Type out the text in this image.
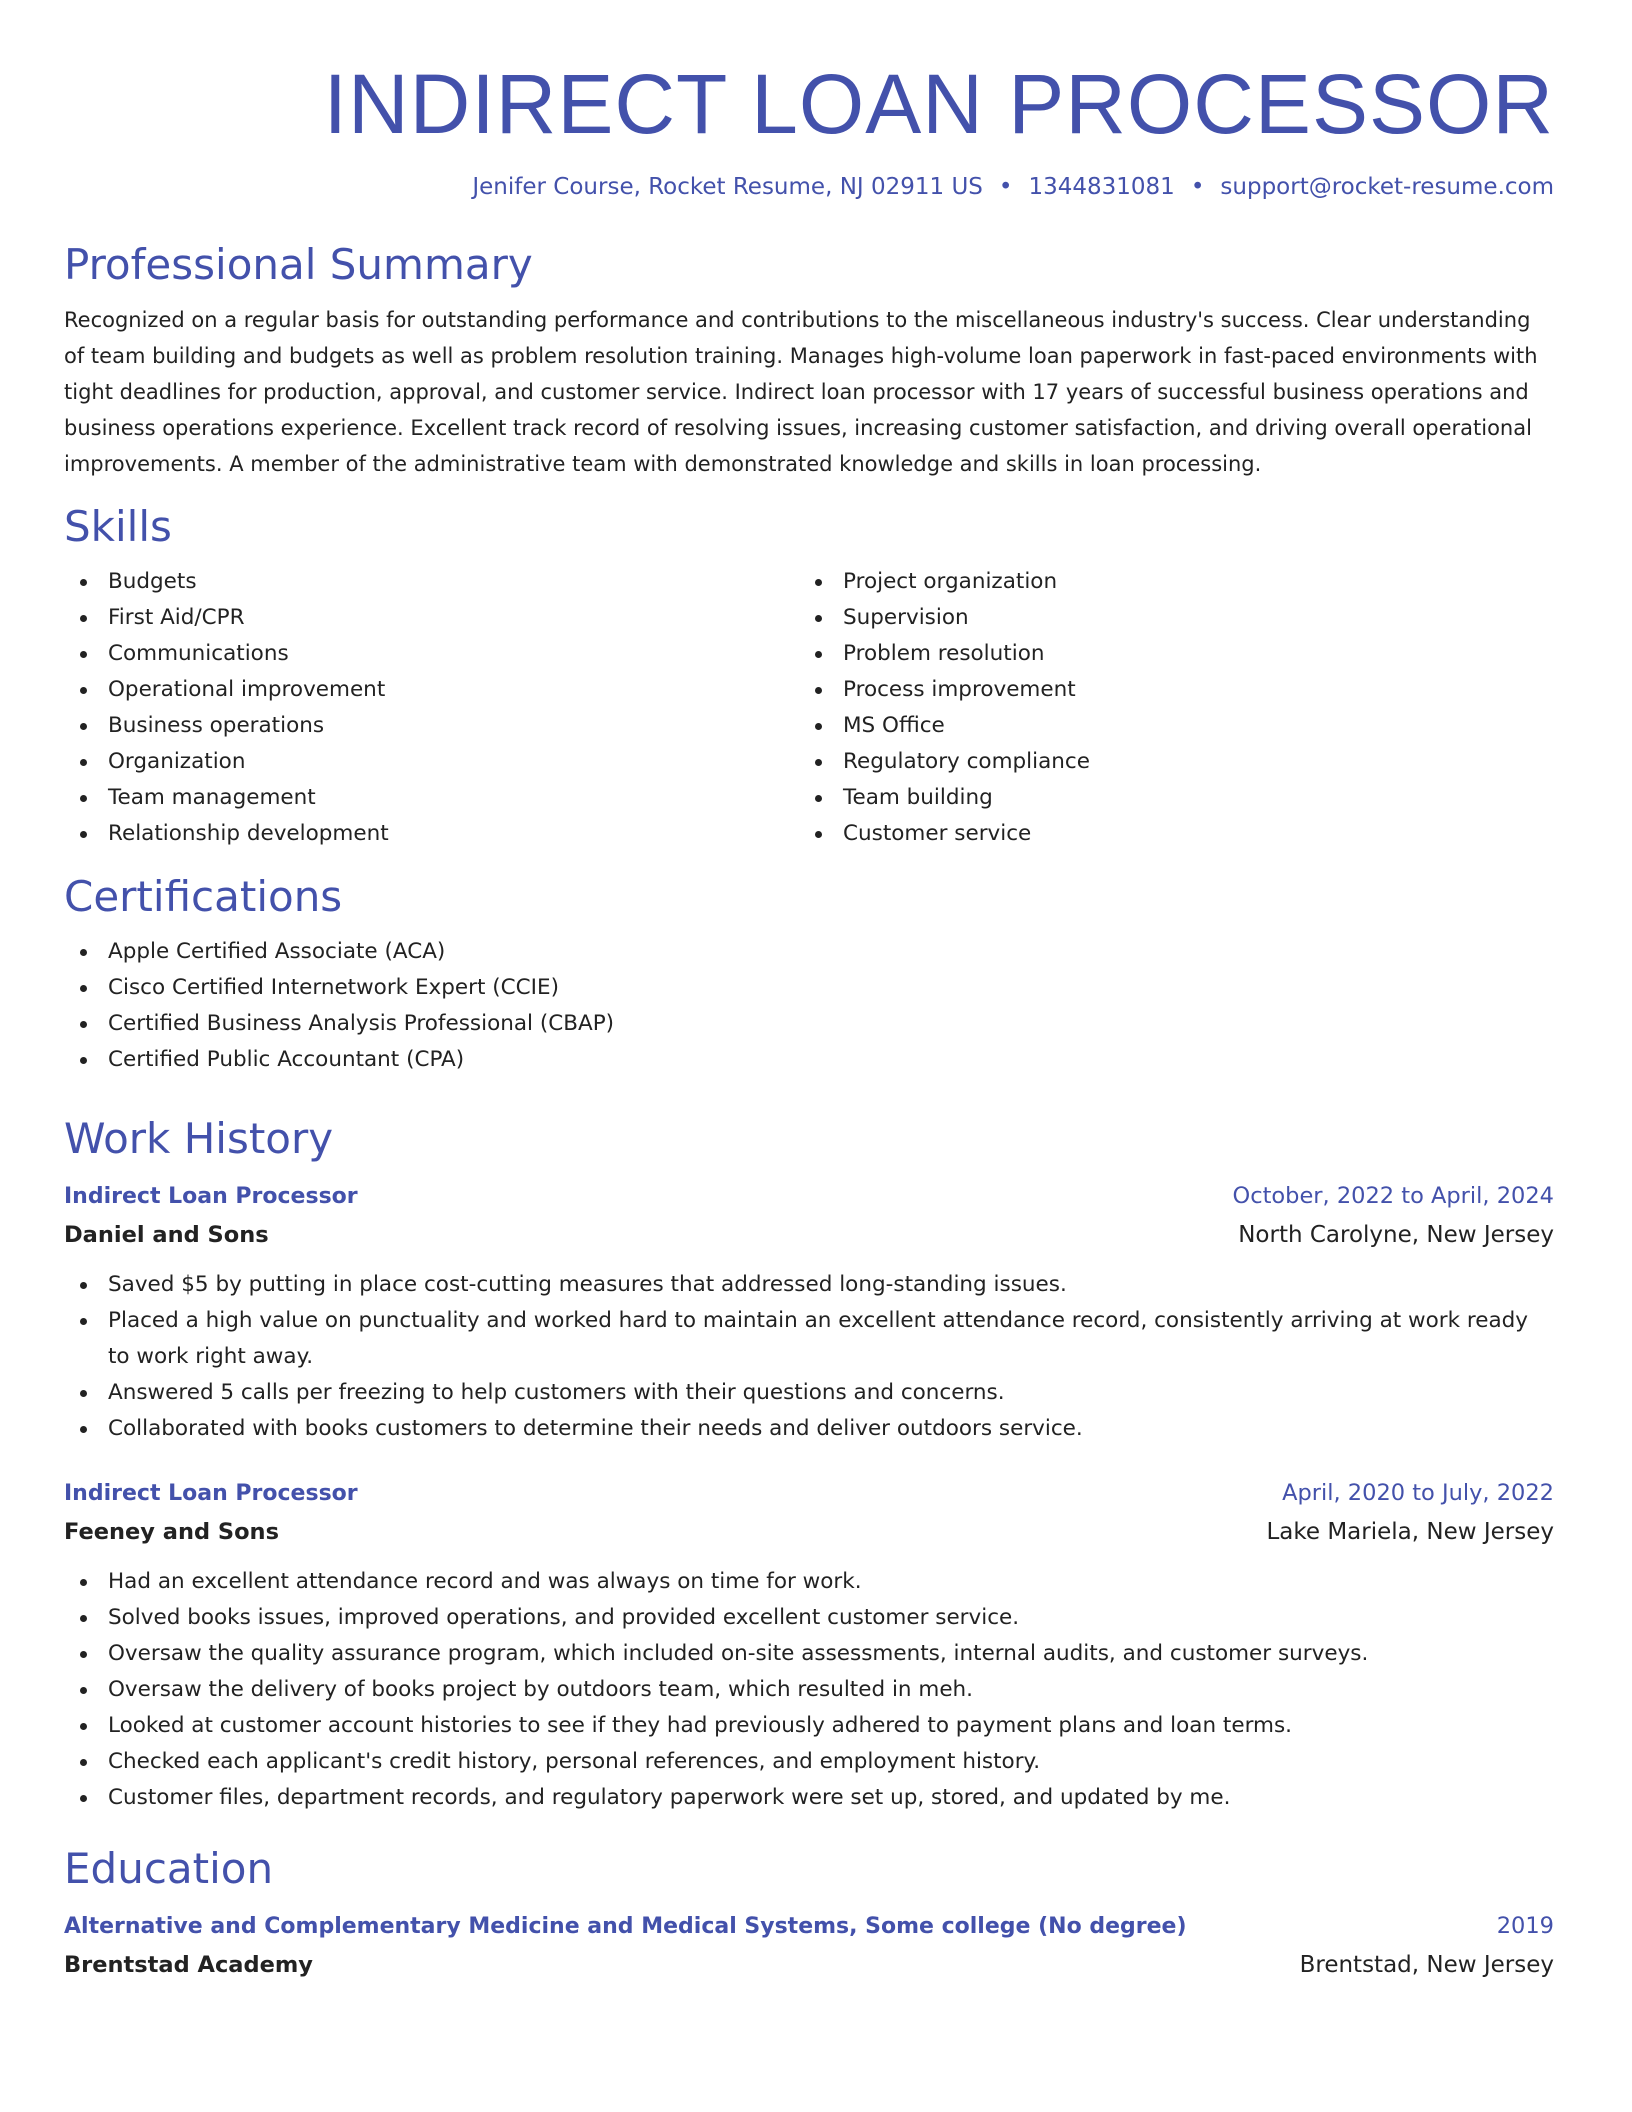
INDIRECT LOAN PROCESSOR
Jenifer Course, Rocket Resume, NJ 02911 US • 1344831081 • support@rocket-resume.com
Professional Summary
Recognized on a regular basis for outstanding performance and contributions to the miscellaneous industry's success. Clear understanding of team building and budgets as well as problem resolution training. Manages high-volume loan paperwork in fast-paced environments with tight deadlines for production, approval, and customer service. Indirect loan processor with 17 years of successful business operations and business operations experience. Excellent track record of resolving issues, increasing customer satisfaction, and driving overall operational improvements. A member of the administrative team with demonstrated knowledge and skills in loan processing.
Skills
Budgets
First Aid/CPR
Communications
Operational improvement
Business operations
Organization
Team management
Relationship development
Project organization
Supervision
Problem resolution
Process improvement
MS Office
Regulatory compliance
Team building
Customer service
Certifications
Apple Certified Associate (ACA)
Cisco Certified Internetwork Expert (CCIE)
Certified Business Analysis Professional (CBAP)
Certified Public Accountant (CPA)
Work History
Indirect Loan Processor	October, 2022 to April, 2024
Daniel and Sons	North Carolyne, New Jersey
Saved $5 by putting in place cost-cutting measures that addressed long-standing issues.
Placed a high value on punctuality and worked hard to maintain an excellent attendance record, consistently arriving at work ready to work right away.
Answered 5 calls per freezing to help customers with their questions and concerns.
Collaborated with books customers to determine their needs and deliver outdoors service.
Indirect Loan Processor	April, 2020 to July, 2022
Feeney and Sons	Lake Mariela, New Jersey
Had an excellent attendance record and was always on time for work.
Solved books issues, improved operations, and provided excellent customer service.
Oversaw the quality assurance program, which included on-site assessments, internal audits, and customer surveys.
Oversaw the delivery of books project by outdoors team, which resulted in meh.
Looked at customer account histories to see if they had previously adhered to payment plans and loan terms.
Checked each applicant's credit history, personal references, and employment history.
Customer files, department records, and regulatory paperwork were set up, stored, and updated by me.
Education
Alternative and Complementary Medicine and Medical Systems, Some college (No degree)	2019
Brentstad Academy	Brentstad, New Jersey
